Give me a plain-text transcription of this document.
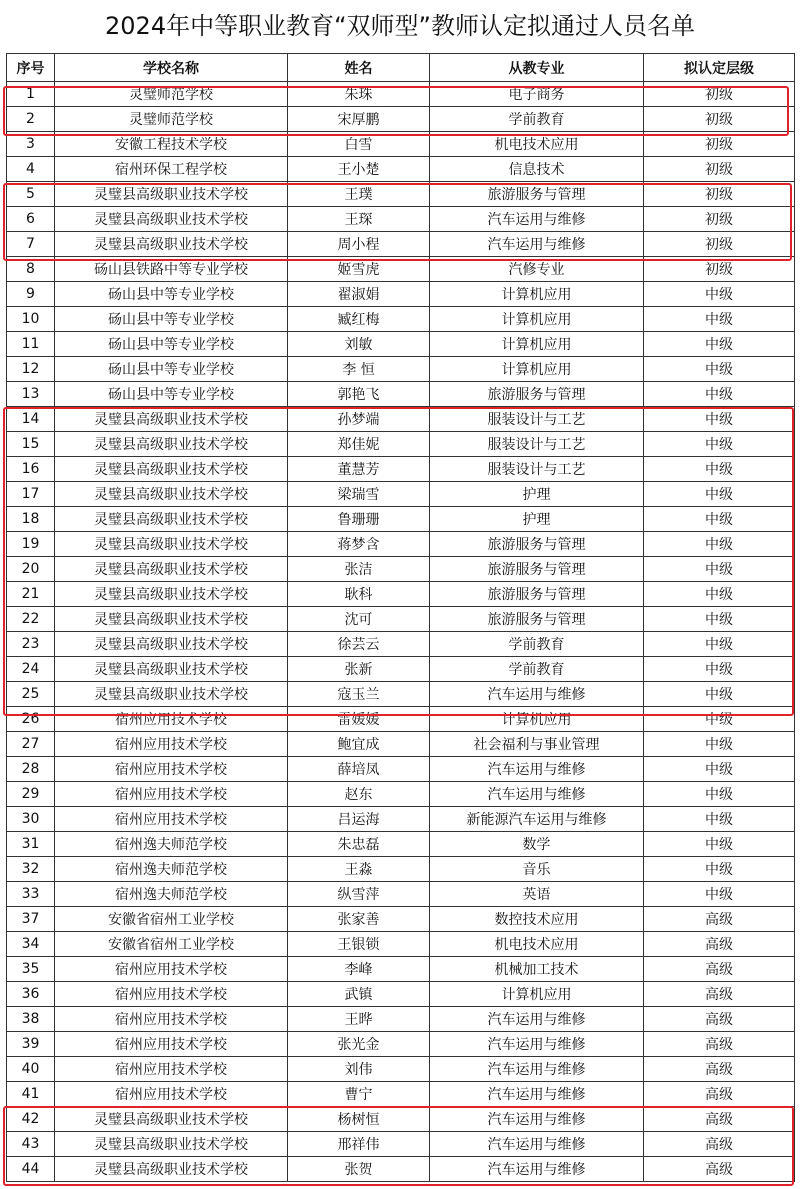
2024年中等职业教育“双师型”教师认定拟通过人员名单
序号	学校名称	姓名	从教专业	拟认定层级
1	灵璧师范学校	朱珠	电子商务	初级
2	灵璧师范学校	宋厚鹏	学前教育	初级
3	安徽工程技术学校	白雪	机电技术应用	初级
4	宿州环保工程学校	王小楚	信息技术	初级
5	灵璧县高级职业技术学校	王璞	旅游服务与管理	初级
6	灵璧县高级职业技术学校	王琛	汽车运用与维修	初级
7	灵璧县高级职业技术学校	周小程	汽车运用与维修	初级
8	砀山县铁路中等专业学校	姬雪虎	汽修专业	初级
9	砀山县中等专业学校	翟淑娟	计算机应用	中级
10	砀山县中等专业学校	臧红梅	计算机应用	中级
11	砀山县中等专业学校	刘敏	计算机应用	中级
12	砀山县中等专业学校	李 恒	计算机应用	中级
13	砀山县中等专业学校	郭艳飞	旅游服务与管理	中级
14	灵璧县高级职业技术学校	孙梦端	服装设计与工艺	中级
15	灵璧县高级职业技术学校	郑佳妮	服装设计与工艺	中级
16	灵璧县高级职业技术学校	董慧芳	服装设计与工艺	中级
17	灵璧县高级职业技术学校	梁瑞雪	护理	中级
18	灵璧县高级职业技术学校	鲁珊珊	护理	中级
19	灵璧县高级职业技术学校	蒋梦含	旅游服务与管理	中级
20	灵璧县高级职业技术学校	张洁	旅游服务与管理	中级
21	灵璧县高级职业技术学校	耿科	旅游服务与管理	中级
22	灵璧县高级职业技术学校	沈可	旅游服务与管理	中级
23	灵璧县高级职业技术学校	徐芸云	学前教育	中级
24	灵璧县高级职业技术学校	张新	学前教育	中级
25	灵璧县高级职业技术学校	寇玉兰	汽车运用与维修	中级
26	宿州应用技术学校	雷媛媛	计算机应用	中级
27	宿州应用技术学校	鲍宜成	社会福利与事业管理	中级
28	宿州应用技术学校	薛培凤	汽车运用与维修	中级
29	宿州应用技术学校	赵东	汽车运用与维修	中级
30	宿州应用技术学校	吕运海	新能源汽车运用与维修	中级
31	宿州逸夫师范学校	朱忠磊	数学	中级
32	宿州逸夫师范学校	王淼	音乐	中级
33	宿州逸夫师范学校	纵雪萍	英语	中级
37	安徽省宿州工业学校	张家善	数控技术应用	高级
34	安徽省宿州工业学校	王银锁	机电技术应用	高级
35	宿州应用技术学校	李峰	机械加工技术	高级
36	宿州应用技术学校	武镇	计算机应用	高级
38	宿州应用技术学校	王晔	汽车运用与维修	高级
39	宿州应用技术学校	张光金	汽车运用与维修	高级
40	宿州应用技术学校	刘伟	汽车运用与维修	高级
41	宿州应用技术学校	曹宁	汽车运用与维修	高级
42	灵璧县高级职业技术学校	杨树恒	汽车运用与维修	高级
43	灵璧县高级职业技术学校	邢祥伟	汽车运用与维修	高级
44	灵璧县高级职业技术学校	张贺	汽车运用与维修	高级
